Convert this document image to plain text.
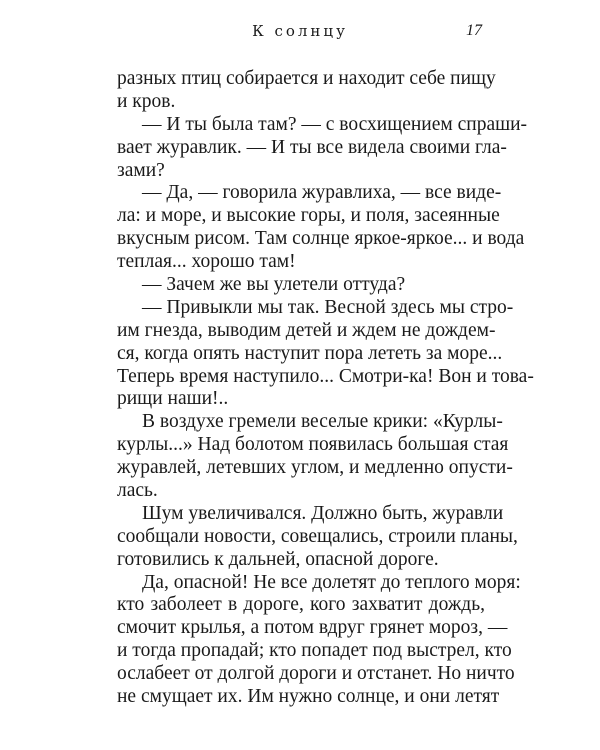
К солнцу	17
разных птиц собирается и находит себе пищу
и кров.
— И ты была там? — с восхищением спраши-
вает журавлик. — И ты все видела своими гла-
зами?
— Да, — говорила журавлиха, — все виде-
ла: и море, и высокие горы, и поля, засеянные
вкусным рисом. Там солнце яркое-яркое... и вода
теплая... хорошо там!
— Зачем же вы улетели оттуда?
— Привыкли мы так. Весной здесь мы стро-
им гнезда, выводим детей и ждем не дождем-
ся, когда опять наступит пора лететь за море...
Теперь время наступило... Смотри-ка! Вон и това-
рищи наши!..
В воздухе гремели веселые крики: «Курлы-
курлы...» Над болотом появилась большая стая
журавлей, летевших углом, и медленно опусти-
лась.
Шум увеличивался. Должно быть, журавли
сообщали новости, совещались, строили планы,
готовились к дальней, опасной дороге.
Да, опасной! Не все долетят до теплого моря:
кто заболеет в дороге, кого захватит дождь,
смочит крылья, а потом вдруг грянет мороз, —
и тогда пропадай; кто попадет под выстрел, кто
ослабеет от долгой дороги и отстанет. Но ничто
не смущает их. Им нужно солнце, и они летят
